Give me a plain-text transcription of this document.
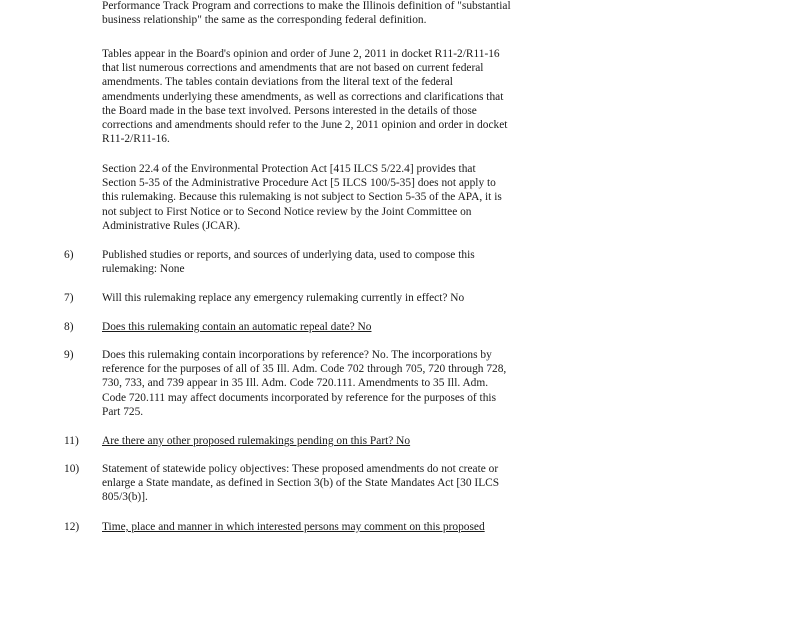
Performance Track Program and corrections to make the Illinois definition of "substantial
business relationship" the same as the corresponding federal definition.
Tables appear in the Board's opinion and order of June 2, 2011 in docket R11-2/R11-16
that list numerous corrections and amendments that are not based on current federal
amendments. The tables contain deviations from the literal text of the federal
amendments underlying these amendments, as well as corrections and clarifications that
the Board made in the base text involved. Persons interested in the details of those
corrections and amendments should refer to the June 2, 2011 opinion and order in docket
R11-2/R11-16.
Section 22.4 of the Environmental Protection Act [415 ILCS 5/22.4] provides that
Section 5-35 of the Administrative Procedure Act [5 ILCS 100/5-35] does not apply to
this rulemaking. Because this rulemaking is not subject to Section 5-35 of the APA, it is
not subject to First Notice or to Second Notice review by the Joint Committee on
Administrative Rules (JCAR).
6)	Published studies or reports, and sources of underlying data, used to compose this
rulemaking: None
7)	Will this rulemaking replace any emergency rulemaking currently in effect? No
8)	Does this rulemaking contain an automatic repeal date? No
9)	Does this rulemaking contain incorporations by reference? No. The incorporations by
reference for the purposes of all of 35 Ill. Adm. Code 702 through 705, 720 through 728,
730, 733, and 739 appear in 35 Ill. Adm. Code 720.111. Amendments to 35 Ill. Adm.
Code 720.111 may affect documents incorporated by reference for the purposes of this
Part 725.
11) Are there any other proposed rulemakings pending on this Part? No
10) Statement of statewide policy objectives: These proposed amendments do not create or
enlarge a State mandate, as defined in Section 3(b) of the State Mandates Act [30 ILCS
805/3(b)].
12) Time, place and manner in which interested persons may comment on this proposed
